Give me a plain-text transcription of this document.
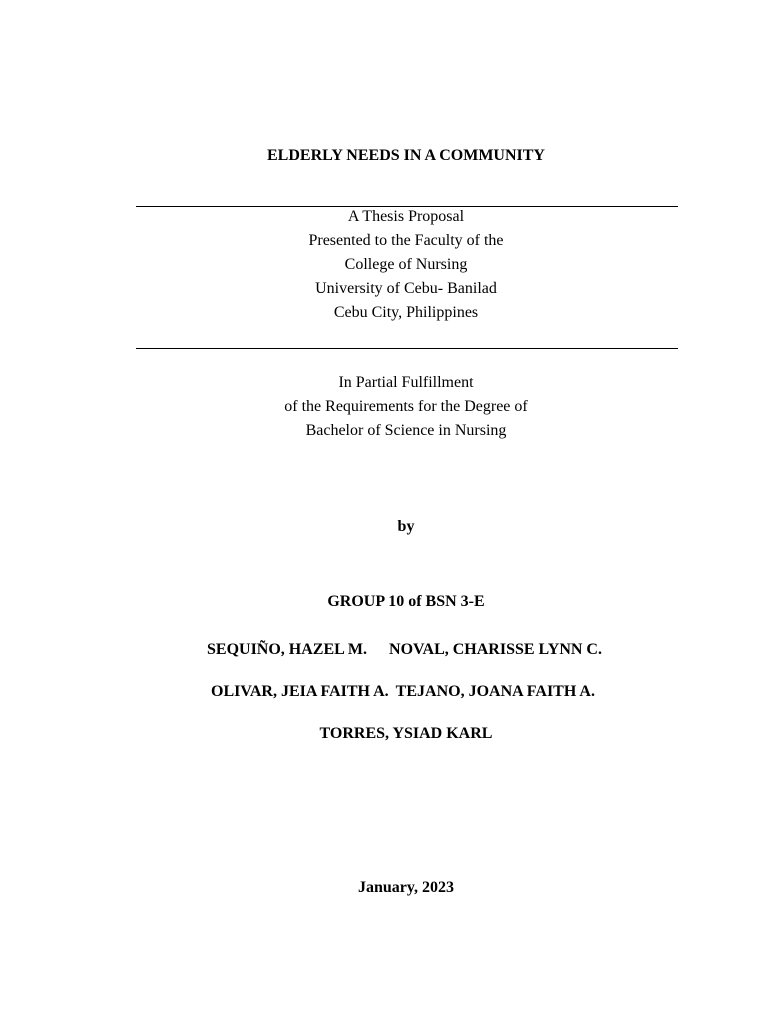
ELDERLY NEEDS IN A COMMUNITY
A Thesis Proposal
Presented to the Faculty of the
College of Nursing
University of Cebu- Banilad
Cebu City, Philippines
In Partial Fulfillment
of the Requirements for the Degree of
Bachelor of Science in Nursing
by
GROUP 10 of BSN 3-E
SEQUIÑO, HAZEL M. NOVAL, CHARISSE LYNN C.
OLIVAR, JEIA FAITH A. TEJANO, JOANA FAITH A.
TORRES, YSIAD KARL
January, 2023
